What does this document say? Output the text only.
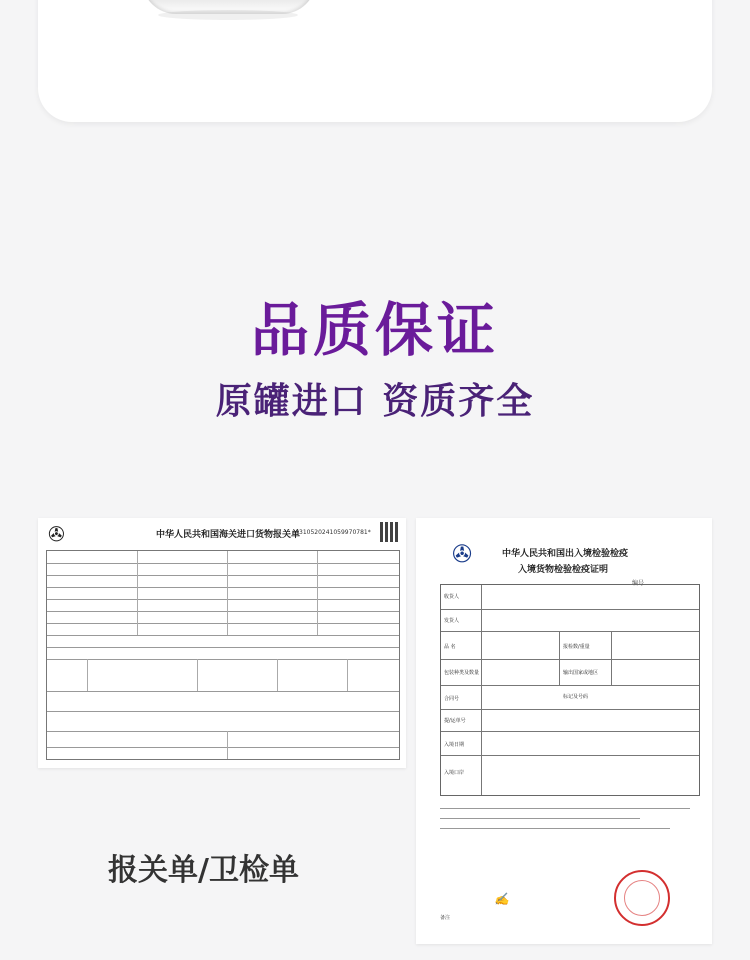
品质保证
原罐进口 资质齐全
✇	中华人民共和国海关进口货物报关单
*310520241059970781*
报关单/卫检单
✇	中华人民共和国出入境检验检疫
入境货物检验检疫证明
编号
收货人
发货人
品 名	报检数/重量
包装种类及数量	输出国家或地区
合同号	标记及号码
提/运单号
入境日期
入境口岸
✍
备注
